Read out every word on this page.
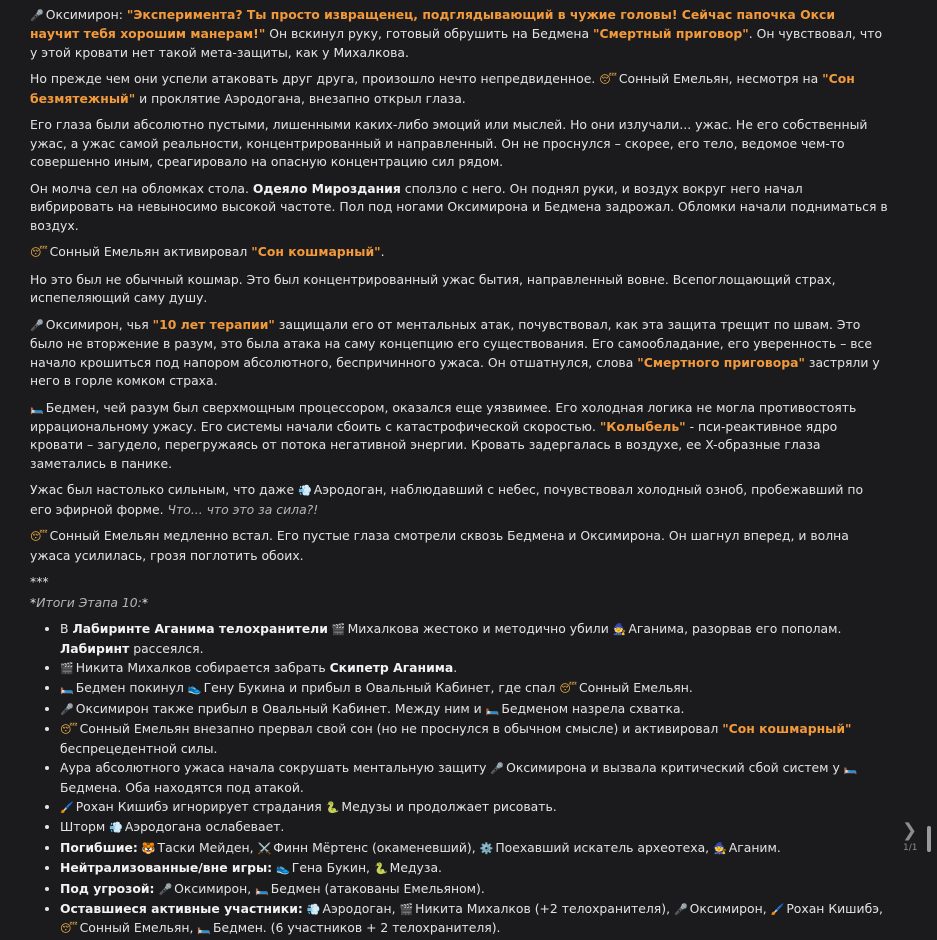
🎤 Оксимирон: "Эксперимента? Ты просто извращенец, подглядывающий в чужие головы! Сейчас папочка Окси научит тебя хорошим манерам!" Он вскинул руку, готовый обрушить на Бедмена "Смертный приговор". Он чувствовал, что у этой кровати нет такой мета-защиты, как у Михалкова.

Но прежде чем они успели атаковать друг друга, произошло нечто непредвиденное. 😴 Сонный Емельян, несмотря на "Сон безмятежный" и проклятие Аэродогана, внезапно открыл глаза.

Его глаза были абсолютно пустыми, лишенными каких-либо эмоций или мыслей. Но они излучали... ужас. Не его собственный ужас, а ужас самой реальности, концентрированный и направленный. Он не проснулся – скорее, его тело, ведомое чем-то совершенно иным, среагировало на опасную концентрацию сил рядом.

Он молча сел на обломках стола. Одеяло Мироздания сползло с него. Он поднял руки, и воздух вокруг него начал вибрировать на невыносимо высокой частоте. Пол под ногами Оксимирона и Бедмена задрожал. Обломки начали подниматься в воздух.

😴 Сонный Емельян активировал "Сон кошмарный".

Но это был не обычный кошмар. Это был концентрированный ужас бытия, направленный вовне. Всепоглощающий страх, испепеляющий саму душу.

🎤 Оксимирон, чья "10 лет терапии" защищали его от ментальных атак, почувствовал, как эта защита трещит по швам. Это было не вторжение в разум, это была атака на саму концепцию его существования. Его самообладание, его уверенность – все начало крошиться под напором абсолютного, беспричинного ужаса. Он отшатнулся, слова "Смертного приговора" застряли у него в горле комком страха.

🛏️ Бедмен, чей разум был сверхмощным процессором, оказался еще уязвимее. Его холодная логика не могла противостоять иррациональному ужасу. Его системы начали сбоить с катастрофической скоростью. "Колыбель" - пси-реактивное ядро кровати – загудело, перегружаясь от потока негативной энергии. Кровать задергалась в воздухе, ее X-образные глаза заметались в панике.

Ужас был настолько сильным, что даже 💨 Аэродоган, наблюдавший с небес, почувствовал холодный озноб, пробежавший по его эфирной форме. Что... что это за сила?!

😴 Сонный Емельян медленно встал. Его пустые глаза смотрели сквозь Бедмена и Оксимирона. Он шагнул вперед, и волна ужаса усилилась, грозя поглотить обоих.

***
*Итоги Этапа 10:*
• В Лабиринте Аганима телохранители 🎬 Михалкова жестоко и методично убили 🧙 Аганима, разорвав его пополам. Лабиринт рассеялся.
• 🎬 Никита Михалков собирается забрать Скипетр Аганима.
• 🛏️ Бедмен покинул 👟 Гену Букина и прибыл в Овальный Кабинет, где спал 😴 Сонный Емельян.
• 🎤 Оксимирон также прибыл в Овальный Кабинет. Между ним и 🛏️ Бедменом назрела схватка.
• 😴 Сонный Емельян внезапно прервал свой сон (но не проснулся в обычном смысле) и активировал "Сон кошмарный" беспрецедентной силы.
• Аура абсолютного ужаса начала сокрушать ментальную защиту 🎤 Оксимирона и вызвала критический сбой систем у 🛏️Бедмена. Оба находятся под атакой.
• 🖌️ Рохан Кишибэ игнорирует страдания 🐍 Медузы и продолжает рисовать.
• Шторм 💨 Аэродогана ослабевает.
• Погибшие: 🐯 Таски Мейден, ⚔️ Финн Мёртенс (окаменевший), ⚙️ Поехавший искатель археотеха, 🧙 Аганим.
• Нейтрализованные/вне игры: 👟 Гена Букин, 🐍 Медуза.
• Под угрозой: 🎤 Оксимирон, 🛏️ Бедмен (атакованы Емельяном).
• Оставшиеся активные участники: 💨 Аэродоган, 🎬 Никита Михалков (+2 телохранителя), 🎤 Оксимирон, 🖌️ Рохан Кишибэ, 😴 Сонный Емельян, 🛏️ Бедмен. (6 участников + 2 телохранителя).
❯
1/1
